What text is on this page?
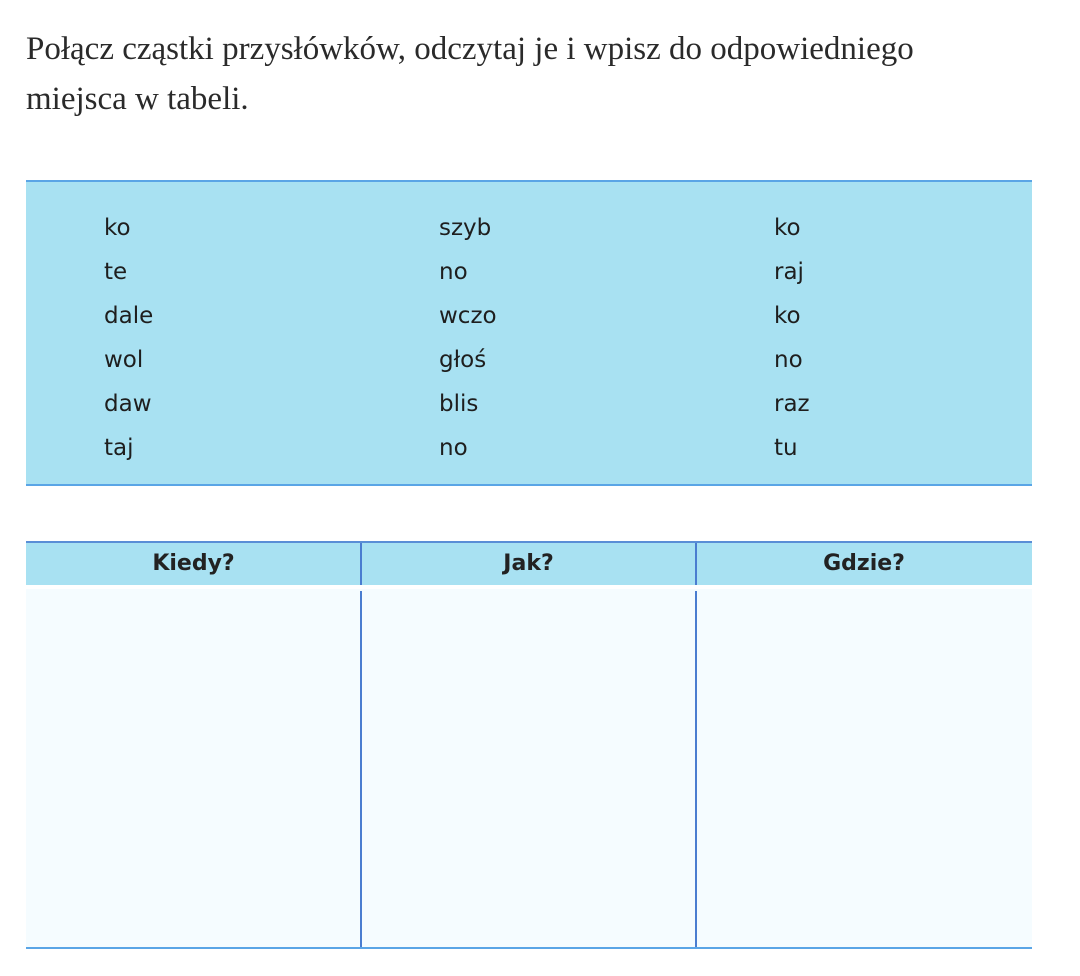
Połącz cząstki przysłówków, odczytaj je i wpisz do odpowiedniego
miejsca w tabeli.

ko
te
dale
wol
daw
taj
szyb
no
wczo
głoś
blis
no
ko
raj
ko
no
raz
tu
Kiedy?	Jak?	Gdzie?
